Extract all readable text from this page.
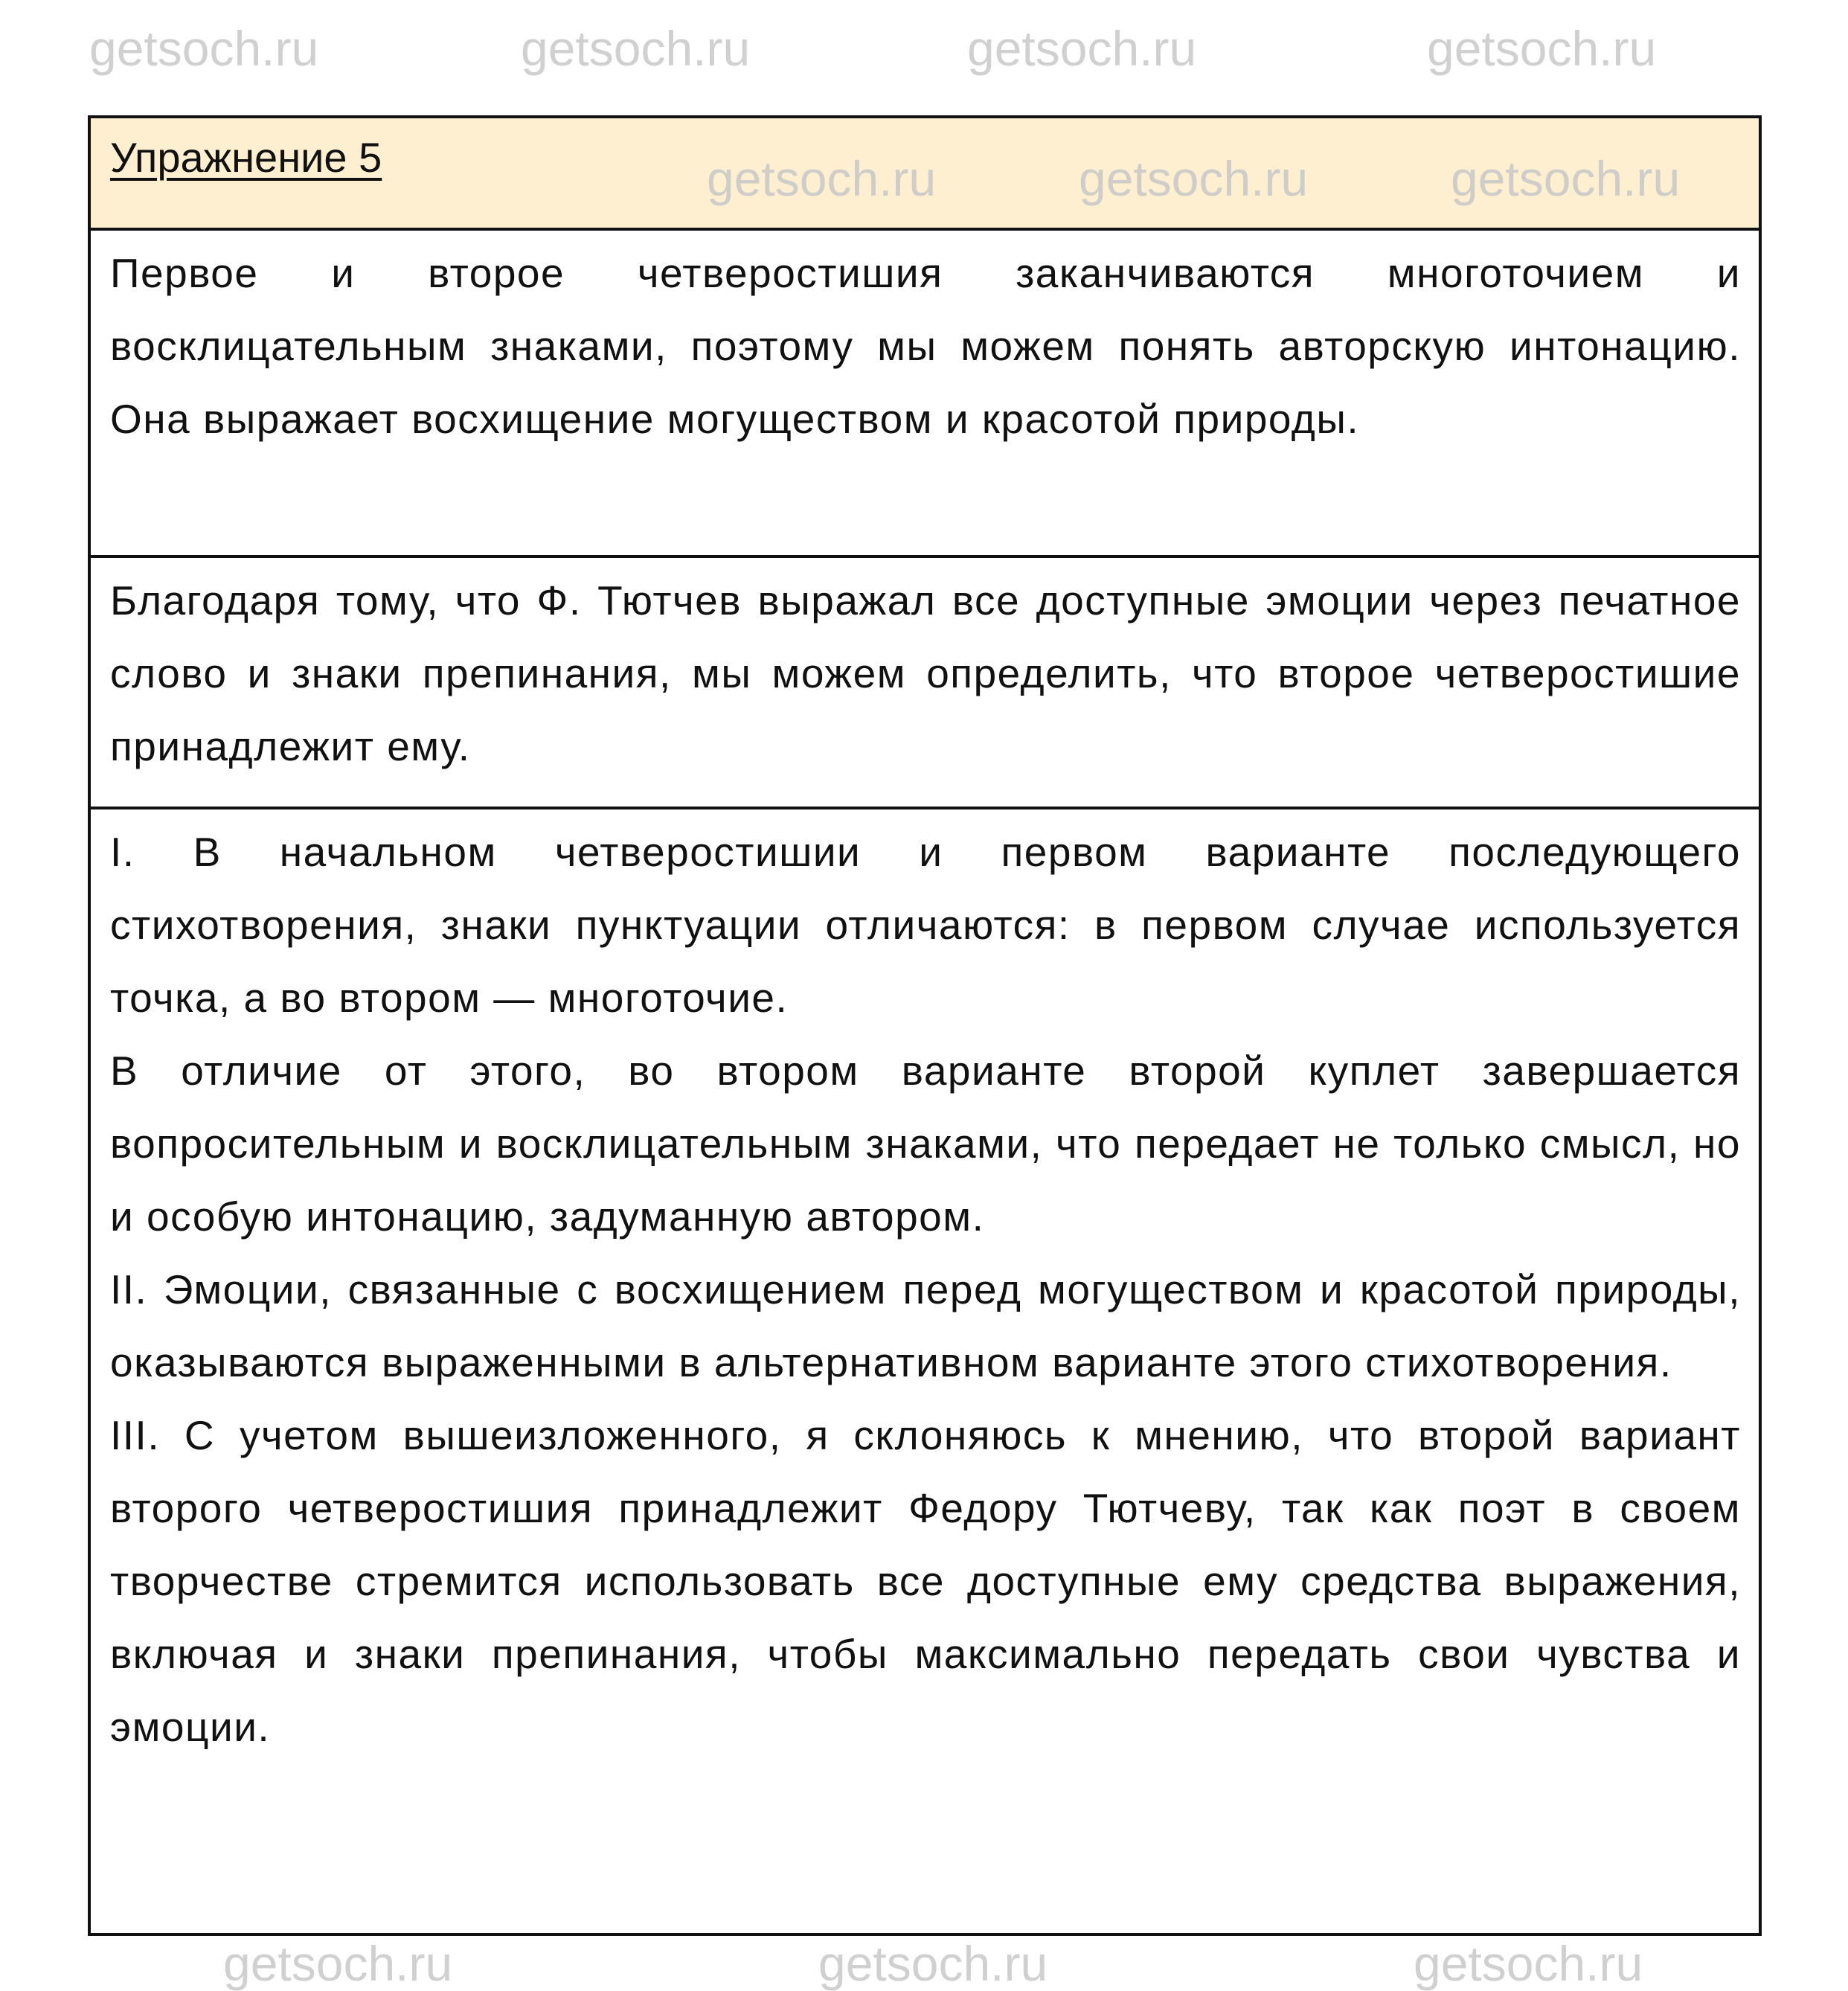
Упражнение 5

Первое и второе четверостишия заканчиваются многоточием и восклицательным знаками, поэтому мы можем понять авторскую интонацию. Она выражает восхищение могуществом и красотой природы.

Благодаря тому, что Ф. Тютчев выражал все доступные эмоции через печатное слово и знаки препинания, мы можем определить, что второе четверостишие принадлежит ему.

I. В начальном четверостишии и первом варианте последующего стихотворения, знаки пунктуации отличаются: в первом случае используется точка, а во втором — многоточие.

В отличие от этого, во втором варианте второй куплет завершается вопросительным и восклицательным знаками, что передает не только смысл, но и особую интонацию, задуманную автором.

II. Эмоции, связанные с восхищением перед могуществом и красотой природы, оказываются выраженными в альтернативном варианте этого стихотворения.

III. С учетом вышеизложенного, я склоняюсь к мнению, что второй вариант второго четверостишия принадлежит Федору Тютчеву, так как поэт в своем творчестве стремится использовать все доступные ему средства выражения, включая и знаки препинания, чтобы максимально передать свои чувства и эмоции.

getsoch.ru	getsoch.ru	getsoch.ru	getsoch.ru
getsoch.ru	getsoch.ru	getsoch.ru
getsoch.ru	getsoch.ru	getsoch.ru
